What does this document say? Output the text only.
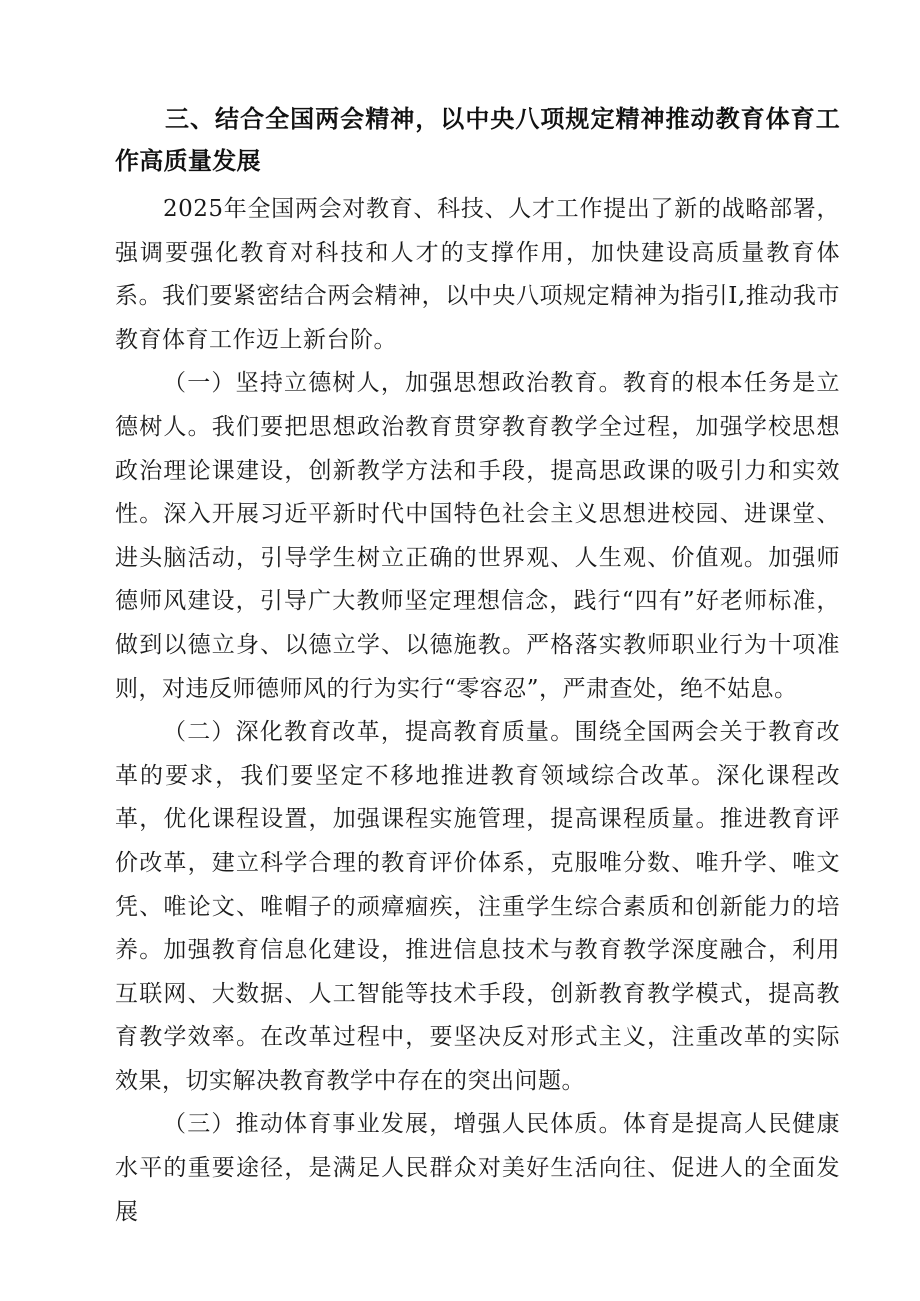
三、结合全国两会精神，以中央八项规定精神推动教育体育工作高质量发展

2025年全国两会对教育、科技、人才工作提出了新的战略部署，强调要强化教育对科技和人才的支撑作用，加快建设高质量教育体系。我们要紧密结合两会精神，以中央八项规定精神为指引I,推动我市教育体育工作迈上新台阶。

（一）坚持立德树人，加强思想政治教育。教育的根本任务是立德树人。我们要把思想政治教育贯穿教育教学全过程，加强学校思想政治理论课建设，创新教学方法和手段，提高思政课的吸引力和实效性。深入开展习近平新时代中国特色社会主义思想进校园、进课堂、进头脑活动，引导学生树立正确的世界观、人生观、价值观。加强师德师风建设，引导广大教师坚定理想信念，践行“四有”好老师标准，做到以德立身、以德立学、以德施教。严格落实教师职业行为十项准则，对违反师德师风的行为实行“零容忍”，严肃查处，绝不姑息。

（二）深化教育改革，提高教育质量。围绕全国两会关于教育改革的要求，我们要坚定不移地推进教育领域综合改革。深化课程改革，优化课程设置，加强课程实施管理，提高课程质量。推进教育评价改革，建立科学合理的教育评价体系，克服唯分数、唯升学、唯文凭、唯论文、唯帽子的顽瘴痼疾，注重学生综合素质和创新能力的培养。加强教育信息化建设，推进信息技术与教育教学深度融合，利用互联网、大数据、人工智能等技术手段，创新教育教学模式，提高教育教学效率。在改革过程中，要坚决反对形式主义，注重改革的实际效果，切实解决教育教学中存在的突出问题。

（三）推动体育事业发展，增强人民体质。体育是提高人民健康水平的重要途径，是满足人民群众对美好生活向往、促进人的全面发展
